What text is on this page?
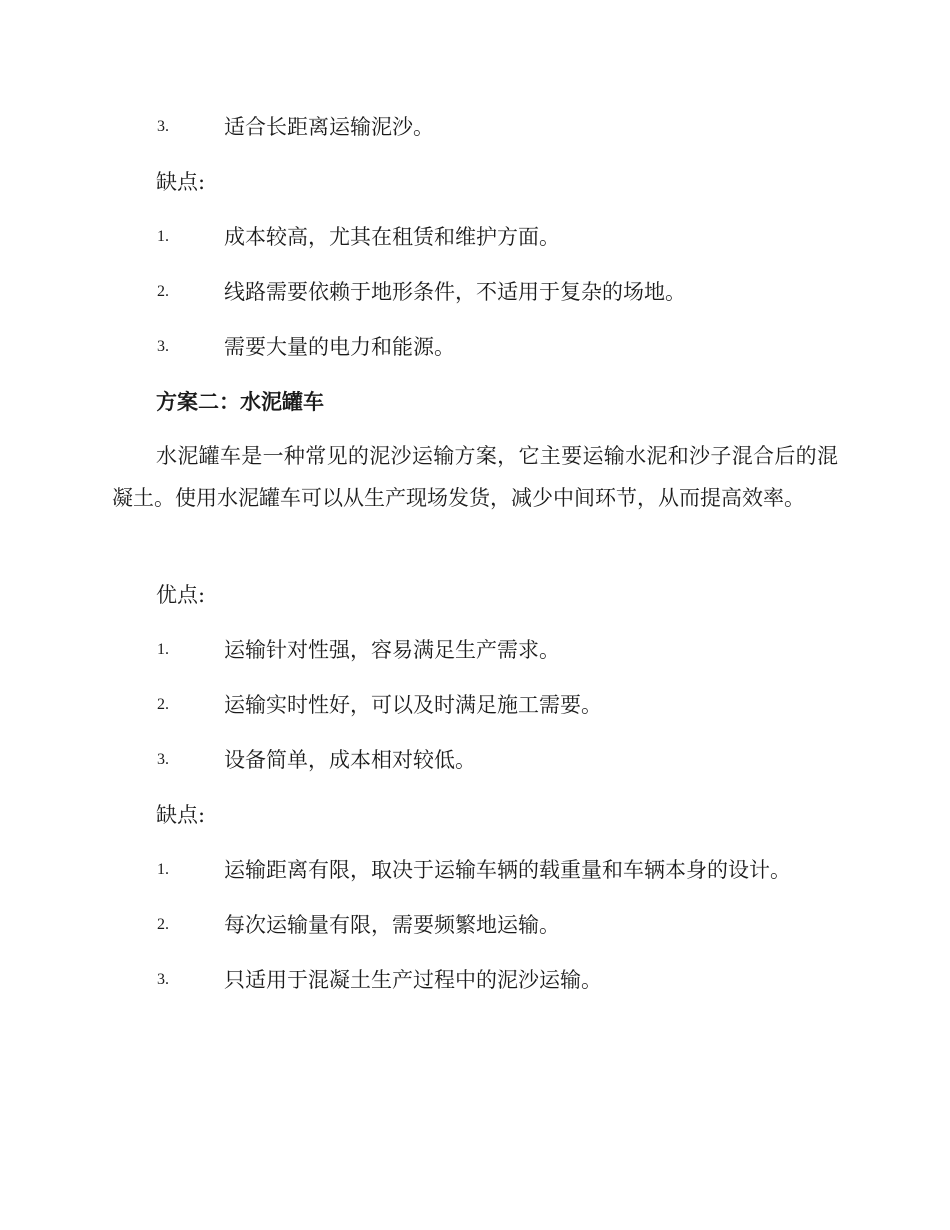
3.	适合长距离运输泥沙。
缺点:
1.	成本较高，尤其在租赁和维护方面。
2.	线路需要依赖于地形条件，不适用于复杂的场地。
3.	需要大量的电力和能源。
方案二：水泥罐车
水泥罐车是一种常见的泥沙运输方案，它主要运输水泥和沙子混合后的混凝土。使用水泥罐车可以从生产现场发货，减少中间环节，从而提高效率。
优点:
1.	运输针对性强，容易满足生产需求。
2.	运输实时性好，可以及时满足施工需要。
3.	设备简单，成本相对较低。
缺点:
1.	运输距离有限，取决于运输车辆的载重量和车辆本身的设计。
2.	每次运输量有限，需要频繁地运输。
3.	只适用于混凝土生产过程中的泥沙运输。
